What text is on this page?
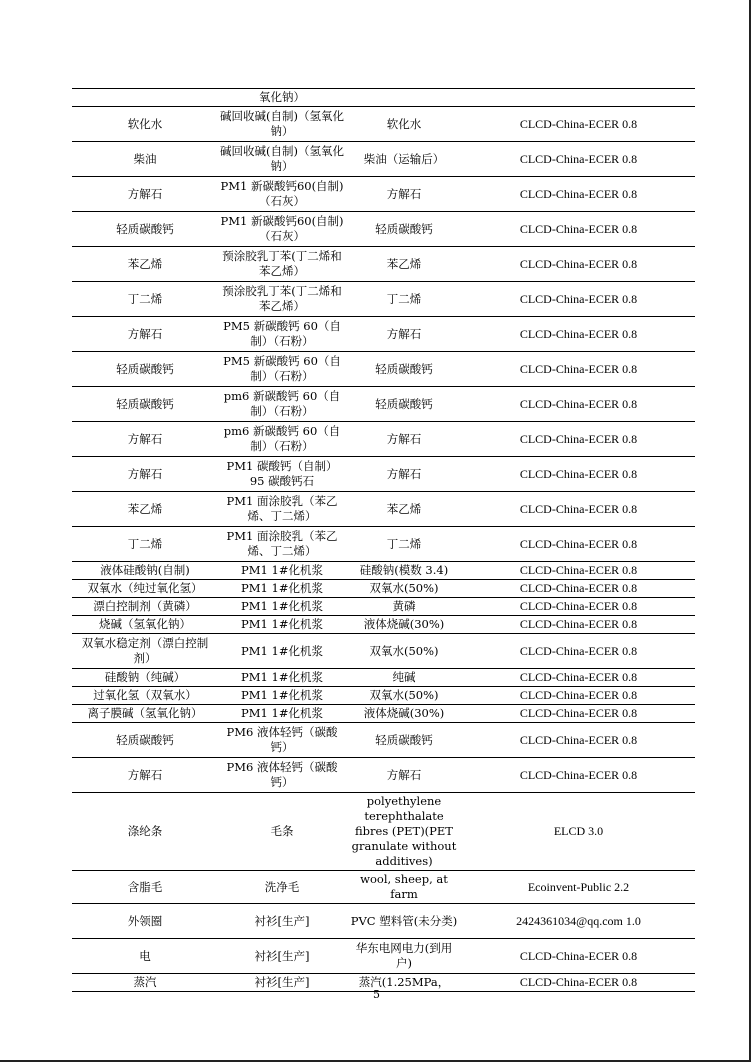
	氧化钠）		
软化水	碱回收碱(自制)（氢氧化钠）	软化水	CLCD-China-ECER 0.8
柴油	碱回收碱(自制)（氢氧化钠）	柴油（运输后）	CLCD-China-ECER 0.8
方解石	PM1 新碳酸钙60(自制)（石灰）	方解石	CLCD-China-ECER 0.8
轻质碳酸钙	PM1 新碳酸钙60(自制)（石灰）	轻质碳酸钙	CLCD-China-ECER 0.8
苯乙烯	预涂胶乳丁苯(丁二烯和苯乙烯）	苯乙烯	CLCD-China-ECER 0.8
丁二烯	预涂胶乳丁苯(丁二烯和苯乙烯）	丁二烯	CLCD-China-ECER 0.8
方解石	PM5 新碳酸钙 60（自制）（石粉）	方解石	CLCD-China-ECER 0.8
轻质碳酸钙	PM5 新碳酸钙 60（自制）（石粉）	轻质碳酸钙	CLCD-China-ECER 0.8
轻质碳酸钙	pm6 新碳酸钙 60（自制）（石粉）	轻质碳酸钙	CLCD-China-ECER 0.8
方解石	pm6 新碳酸钙 60（自制）（石粉）	方解石	CLCD-China-ECER 0.8
方解石	PM1 碳酸钙（自制）95 碳酸钙石	方解石	CLCD-China-ECER 0.8
苯乙烯	PM1 面涂胶乳（苯乙烯、丁二烯）	苯乙烯	CLCD-China-ECER 0.8
丁二烯	PM1 面涂胶乳（苯乙烯、丁二烯）	丁二烯	CLCD-China-ECER 0.8
液体硅酸钠(自制)	PM1 1#化机浆	硅酸钠(模数 3.4)	CLCD-China-ECER 0.8
双氧水（纯过氧化氢）	PM1 1#化机浆	双氧水(50%)	CLCD-China-ECER 0.8
漂白控制剂（黄磷）	PM1 1#化机浆	黄磷	CLCD-China-ECER 0.8
烧碱（氢氧化钠）	PM1 1#化机浆	液体烧碱(30%)	CLCD-China-ECER 0.8
双氧水稳定剂（漂白控制剂）	PM1 1#化机浆	双氧水(50%)	CLCD-China-ECER 0.8
硅酸钠（纯碱）	PM1 1#化机浆	纯碱	CLCD-China-ECER 0.8
过氧化氢（双氧水）	PM1 1#化机浆	双氧水(50%)	CLCD-China-ECER 0.8
离子膜碱（氢氧化钠）	PM1 1#化机浆	液体烧碱(30%)	CLCD-China-ECER 0.8
轻质碳酸钙	PM6 液体轻钙（碳酸钙）	轻质碳酸钙	CLCD-China-ECER 0.8
方解石	PM6 液体轻钙（碳酸钙）	方解石	CLCD-China-ECER 0.8
涤纶条	毛条	polyethylene terephthalate fibres (PET)(PET granulate without additives)	ELCD 3.0
含脂毛	洗净毛	wool, sheep, at farm	Ecoinvent-Public 2.2
外领圈	衬衫[生产]	PVC 塑料管(未分类)	2424361034@qq.com 1.0
电	衬衫[生产]	华东电网电力(到用户)	CLCD-China-ECER 0.8
蒸汽	衬衫[生产]	蒸汽(1.25MPa，	CLCD-China-ECER 0.8
5
